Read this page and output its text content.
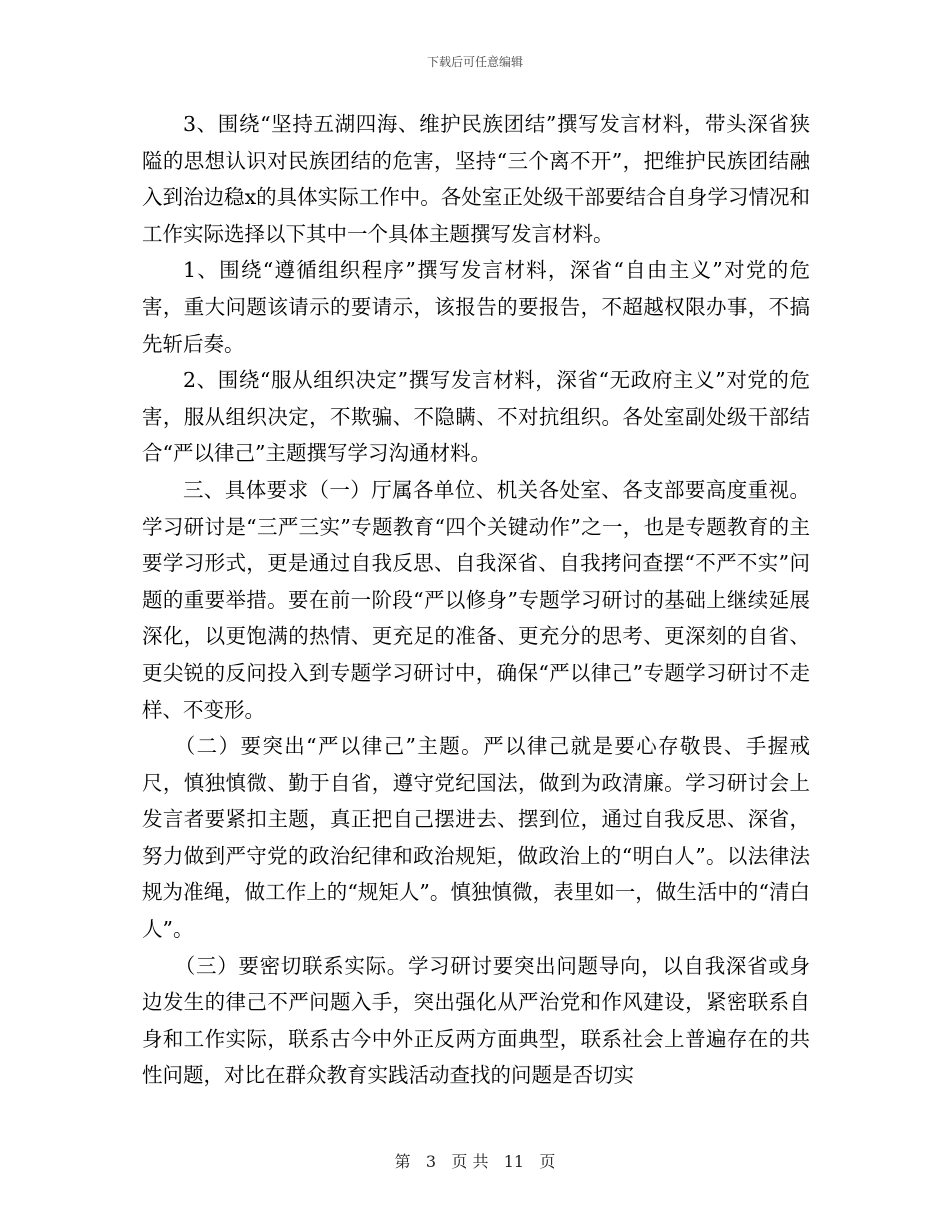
下载后可任意编辑

3、围绕“坚持五湖四海、维护民族团结”撰写发言材料，带头深省狭隘的思想认识对民族团结的危害，坚持“三个离不开”，把维护民族团结融入到治边稳x的具体实际工作中。各处室正处级干部要结合自身学习情况和工作实际选择以下其中一个具体主题撰写发言材料。

1、围绕“遵循组织程序”撰写发言材料，深省“自由主义”对党的危害，重大问题该请示的要请示，该报告的要报告，不超越权限办事，不搞先斩后奏。

2、围绕“服从组织决定”撰写发言材料，深省“无政府主义”对党的危害，服从组织决定，不欺骗、不隐瞒、不对抗组织。各处室副处级干部结合“严以律己”主题撰写学习沟通材料。

三、具体要求（一）厅属各单位、机关各处室、各支部要高度重视。学习研讨是“三严三实”专题教育“四个关键动作”之一，也是专题教育的主要学习形式，更是通过自我反思、自我深省、自我拷问查摆“不严不实”问题的重要举措。要在前一阶段“严以修身”专题学习研讨的基础上继续延展深化，以更饱满的热情、更充足的准备、更充分的思考、更深刻的自省、更尖锐的反问投入到专题学习研讨中，确保“严以律己”专题学习研讨不走样、不变形。

（二）要突出“严以律己”主题。严以律己就是要心存敬畏、手握戒尺，慎独慎微、勤于自省，遵守党纪国法，做到为政清廉。学习研讨会上发言者要紧扣主题，真正把自己摆进去、摆到位，通过自我反思、深省，努力做到严守党的政治纪律和政治规矩，做政治上的“明白人”。以法律法规为准绳，做工作上的“规矩人”。慎独慎微，表里如一，做生活中的“清白人”。

（三）要密切联系实际。学习研讨要突出问题导向，以自我深省或身边发生的律己不严问题入手，突出强化从严治党和作风建设，紧密联系自身和工作实际，联系古今中外正反两方面典型，联系社会上普遍存在的共性问题，对比在群众教育实践活动查找的问题是否切实

第 3 页 共 11 页
